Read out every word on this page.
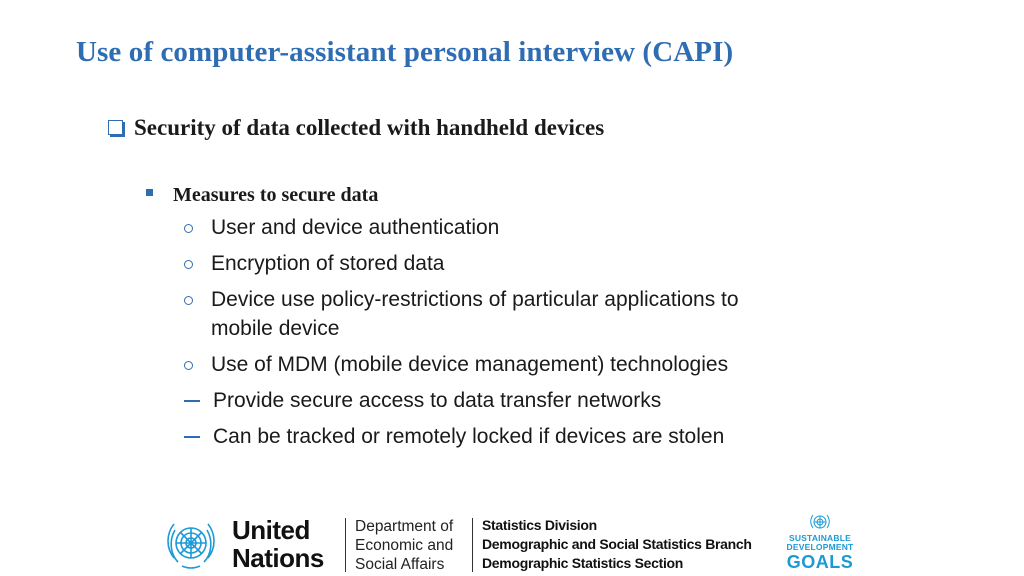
Use of computer-assistant personal interview (CAPI)
Security of data collected with handheld devices
Measures to secure data
User and device authentication
Encryption of stored data
Device use policy-restrictions of particular applications to mobile device
Use of MDM (mobile device management) technologies
Provide secure access to data transfer networks
Can be tracked or remotely locked if devices are stolen
United
Nations
Department of
Economic and
Social Affairs
Statistics Division
Demographic and Social Statistics Branch
Demographic Statistics Section
SUSTAINABLE
DEVELOPMENT
GOALS
